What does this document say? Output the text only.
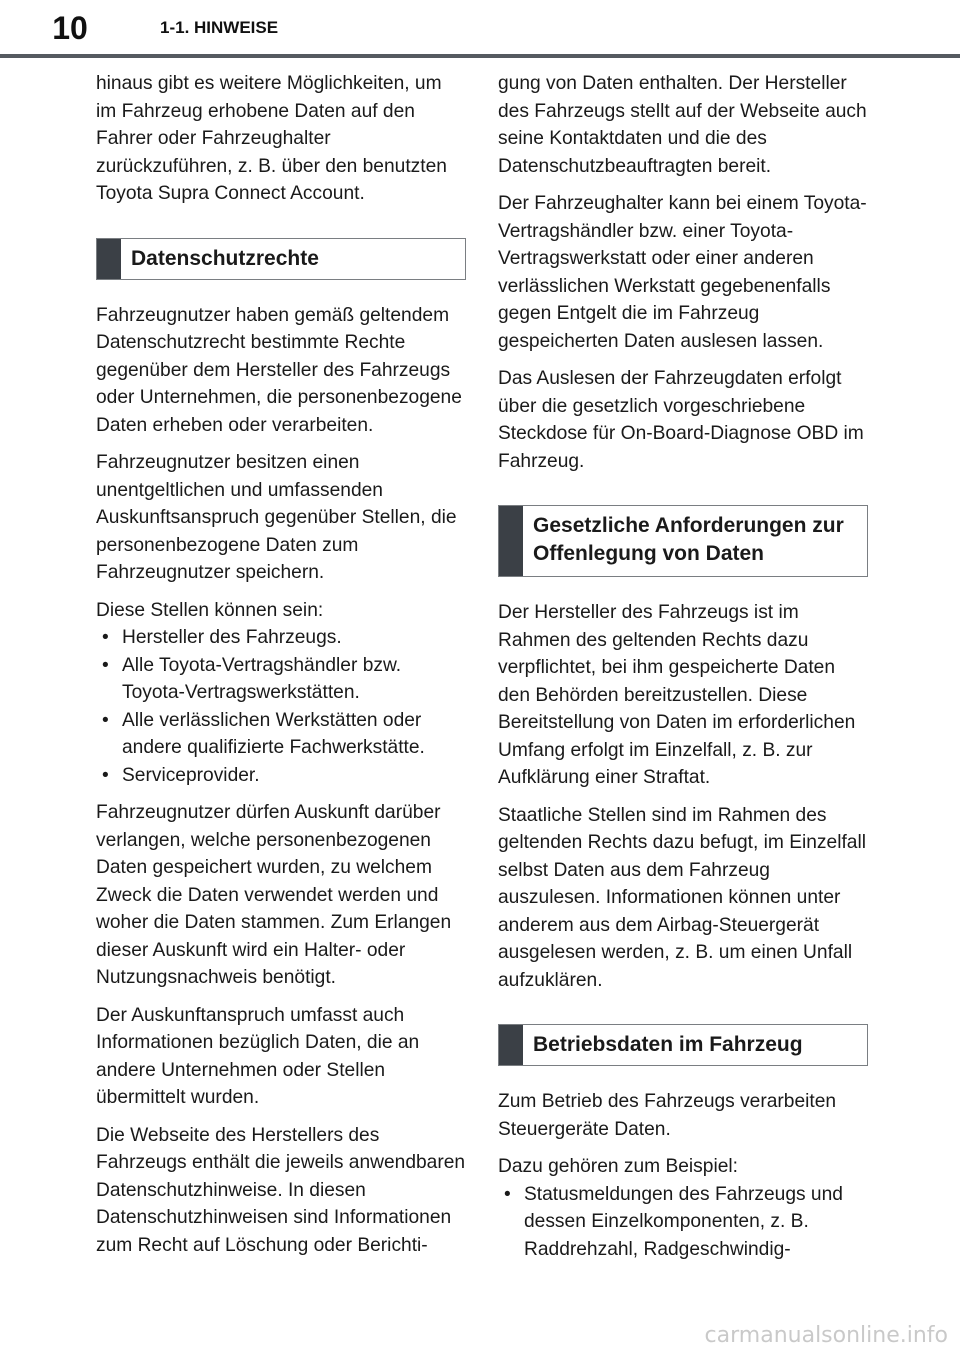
10	1-1. HINWEISE

hinaus gibt es weitere Möglichkeiten, um im Fahrzeug erhobene Daten auf den Fahrer oder Fahrzeughalter zurückzuführen, z. B. über den benutzten Toyota Supra Connect Account.

Datenschutzrechte

Fahrzeugnutzer haben gemäß geltendem Datenschutzrecht bestimmte Rechte gegenüber dem Hersteller des Fahrzeugs oder Unternehmen, die personenbezogene Daten erheben oder verarbeiten.

Fahrzeugnutzer besitzen einen unentgeltlichen und umfassenden Auskunftsanspruch gegenüber Stellen, die personenbezogene Daten zum Fahrzeugnutzer speichern.

Diese Stellen können sein:

• Hersteller des Fahrzeugs.
• Alle Toyota-Vertragshändler bzw. Toyota-Vertragswerkstätten.
• Alle verlässlichen Werkstätten oder andere qualifizierte Fachwerkstätte.
• Serviceprovider.

Fahrzeugnutzer dürfen Auskunft darüber verlangen, welche personenbezogenen Daten gespeichert wurden, zu welchem Zweck die Daten verwendet werden und woher die Daten stammen. Zum Erlangen dieser Auskunft wird ein Halter- oder Nutzungsnachweis benötigt.

Der Auskunftanspruch umfasst auch Informationen bezüglich Daten, die an andere Unternehmen oder Stellen übermittelt wurden.

Die Webseite des Herstellers des Fahrzeugs enthält die jeweils anwendbaren Datenschutzhinweise. In diesen Datenschutzhinweisen sind Informationen zum Recht auf Löschung oder Berichti-

gung von Daten enthalten. Der Hersteller des Fahrzeugs stellt auf der Webseite auch seine Kontaktdaten und die des Datenschutzbeauftragten bereit.

Der Fahrzeughalter kann bei einem Toyota-Vertragshändler bzw. einer Toyota-Vertragswerkstatt oder einer anderen verlässlichen Werkstatt gegebenenfalls gegen Entgelt die im Fahrzeug gespeicherten Daten auslesen lassen.

Das Auslesen der Fahrzeugdaten erfolgt über die gesetzlich vorgeschriebene Steckdose für On-Board-Diagnose OBD im Fahrzeug.

Gesetzliche Anforderungen zur Offenlegung von Daten

Der Hersteller des Fahrzeugs ist im Rahmen des geltenden Rechts dazu verpflichtet, bei ihm gespeicherte Daten den Behörden bereitzustellen. Diese Bereitstellung von Daten im erforderlichen Umfang erfolgt im Einzelfall, z. B. zur Aufklärung einer Straftat.

Staatliche Stellen sind im Rahmen des geltenden Rechts dazu befugt, im Einzelfall selbst Daten aus dem Fahrzeug auszulesen. Informationen können unter anderem aus dem Airbag-Steuergerät ausgelesen werden, z. B. um einen Unfall aufzuklären.

Betriebsdaten im Fahrzeug

Zum Betrieb des Fahrzeugs verarbeiten Steuergeräte Daten.

Dazu gehören zum Beispiel:

• Statusmeldungen des Fahrzeugs und dessen Einzelkomponenten, z. B. Raddrehzahl, Radgeschwindig-
carmanualsonline.info
